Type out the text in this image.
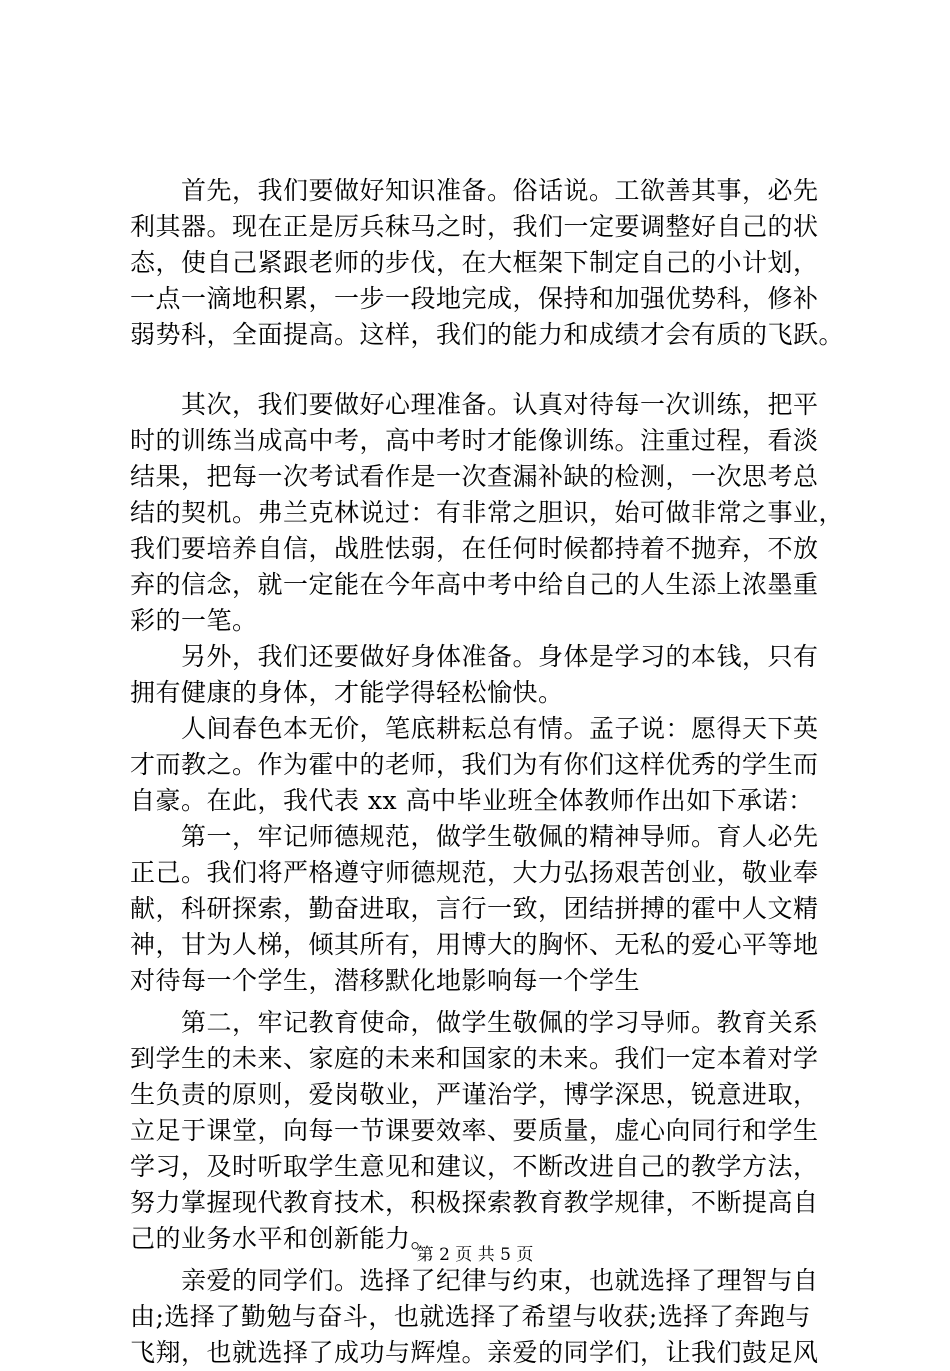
　　首先，我们要做好知识准备。俗话说。工欲善其事，必先
利其器。现在正是厉兵秣马之时，我们一定要调整好自己的状
态，使自己紧跟老师的步伐，在大框架下制定自己的小计划，
一点一滴地积累，一步一段地完成，保持和加强优势科，修补
弱势科，全面提高。这样，我们的能力和成绩才会有质的飞跃。
　　其次，我们要做好心理准备。认真对待每一次训练，把平
时的训练当成高中考，高中考时才能像训练。注重过程，看淡
结果，把每一次考试看作是一次查漏补缺的检测，一次思考总
结的契机。弗兰克林说过：有非常之胆识，始可做非常之事业，
我们要培养自信，战胜怯弱，在任何时候都持着不抛弃，不放
弃的信念，就一定能在今年高中考中给自己的人生添上浓墨重
彩的一笔。
　　另外，我们还要做好身体准备。身体是学习的本钱，只有
拥有健康的身体，才能学得轻松愉快。
　　人间春色本无价，笔底耕耘总有情。孟子说：愿得天下英
才而教之。作为霍中的老师，我们为有你们这样优秀的学生而
自豪。在此，我代表 xx 高中毕业班全体教师作出如下承诺：
　　第一，牢记师德规范，做学生敬佩的精神导师。育人必先
正己。我们将严格遵守师德规范，大力弘扬艰苦创业，敬业奉
献，科研探索，勤奋进取，言行一致，团结拼搏的霍中人文精
神，甘为人梯，倾其所有，用博大的胸怀、无私的爱心平等地
对待每一个学生，潜移默化地影响每一个学生
　　第二，牢记教育使命，做学生敬佩的学习导师。教育关系
到学生的未来、家庭的未来和国家的未来。我们一定本着对学
生负责的原则，爱岗敬业，严谨治学，博学深思，锐意进取，
立足于课堂，向每一节课要效率、要质量，虚心向同行和学生
学习，及时听取学生意见和建议，不断改进自己的教学方法，
努力掌握现代教育技术，积极探索教育教学规律，不断提高自
己的业务水平和创新能力。
　　亲爱的同学们。选择了纪律与约束，也就选择了理智与自
由;选择了勤勉与奋斗，也就选择了希望与收获;选择了奔跑与
飞翔，也就选择了成功与辉煌。亲爱的同学们，让我们鼓足风
第 2 页 共 5 页
